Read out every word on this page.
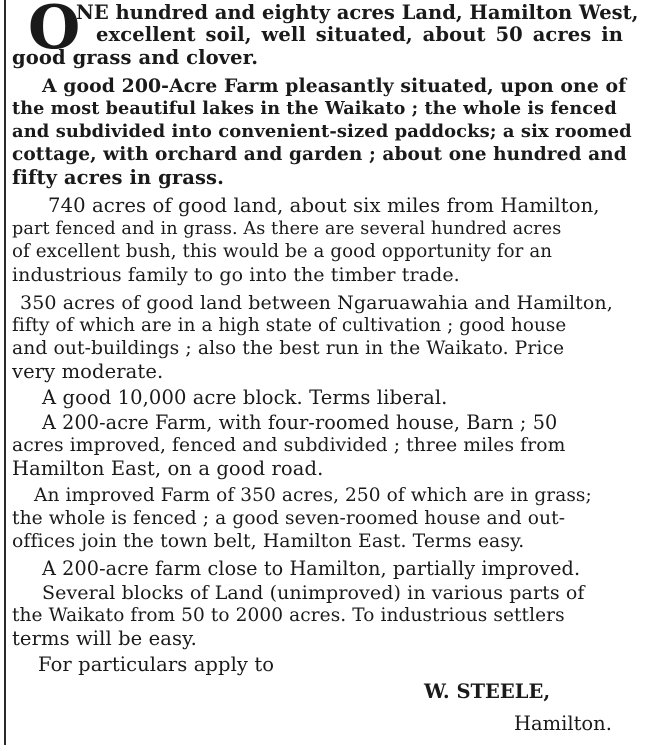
O
NE hundred and eighty acres Land, Hamilton West,
excellent soil, well situated, about 50 acres in
good grass and clover.
A good 200-Acre Farm pleasantly situated, upon one of
the most beautiful lakes in the Waikato ; the whole is fenced
and subdivided into convenient-sized paddocks; a six roomed
cottage, with orchard and garden ; about one hundred and
fifty acres in grass.
740 acres of good land, about six miles from Hamilton,
part fenced and in grass. As there are several hundred acres
of excellent bush, this would be a good opportunity for an
industrious family to go into the timber trade.
350 acres of good land between Ngaruawahia and Hamilton,
fifty of which are in a high state of cultivation ; good house
and out-buildings ; also the best run in the Waikato. Price
very moderate.
A good 10,000 acre block. Terms liberal.
A 200-acre Farm, with four-roomed house, Barn ; 50
acres improved, fenced and subdivided ; three miles from
Hamilton East, on a good road.
An improved Farm of 350 acres, 250 of which are in grass;
the whole is fenced ; a good seven-roomed house and out-
offices join the town belt, Hamilton East. Terms easy.
A 200-acre farm close to Hamilton, partially improved.
Several blocks of Land (unimproved) in various parts of
the Waikato from 50 to 2000 acres. To industrious settlers
terms will be easy.
For particulars apply to
W. STEELE,
Hamilton.
